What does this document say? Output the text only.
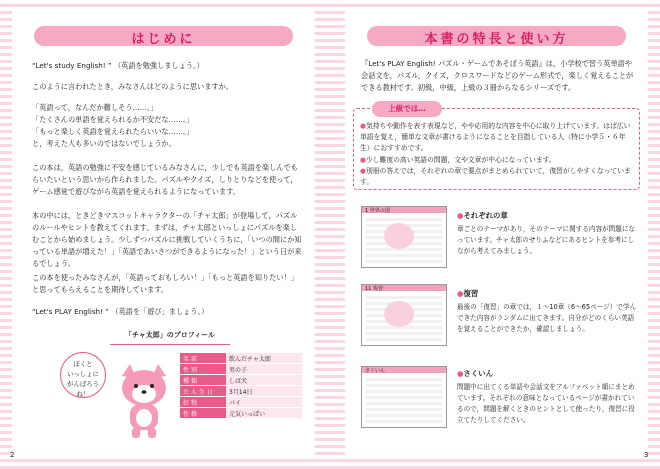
はじめに

“Let's study English! ” （英語を勉強しましょう。）

このように言われたとき，みなさんはどのように思いますか。

「英語って，なんだか難しそう……。」
「たくさんの単語を覚えられるか不安だな……。」
「もっと楽しく英語を覚えられたらいいな……。」
と，考えた人も多いのではないでしょうか。

この本は，英語の勉強に不安を感じているみなさんに，少しでも英語を楽しんでもらいたいという思いから作られました。パズルやクイズ，しりとりなどを使って，ゲーム感覚で遊びながら英語を覚えられるようになっています。

本の中には，ときどきマスコットキャラクターの「チャ太郎」が登場して，パズルのルールやヒントを教えてくれます。まずは，チャ太郎といっしょにパズルを楽しむことから始めましょう。少しずつパズルに挑戦していくうちに，「いつの間にか知っている単語が増えた！」「英語であいさつができるようになった！」という日が来るでしょう。

この本を使ったみなさんが，「英語っておもしろい！」「もっと英語を知りたい！」と思ってもらえることを期待しています。

“Let's PLAY English! ” （英語を「遊び」ましょう。）

「チャ太郎」のプロフィール
ぼくと
いっしょに
がんばろうね！
名前	飲んだチャ太郎
性別	男の子
種類	しば犬
たん生日	3月14日
好物	パイ
性格	元気いっぱい
本書の特長と使い方

『Let's PLAY English! パズル・ゲームであそぼう英語』は，小学校で習う英単語や会話文を，パズル，クイズ，クロスワードなどのゲーム形式で，楽しく覚えることができる教材です。初級，中級，上級の３冊からなるシリーズです。

上級では…
●気持ちや動作を表す表現など，やや応用的な内容を中心に取り上げています。はば広い単語を覚え，簡単な文章が書けるようになることを目指している人（特に小学５・６年生）におすすめです。
●少し難度の高い英語の問題，文や文章が中心になっています。
●別冊の答えでは，それぞれの章で要点がまとめられていて，復習がしやすくなっています。
1 世界の国	●それぞれの章
章ごとのテーマがあり，そのテーマに関する内容が問題になっています。チャ太郎のせりふなどにあるヒントを参考にしながら考えてみましょう。
11 復習	●復習
最後の「復習」の章では，１～10章（6～65ページ）で学んできた内容がランダムに出てきます。自分がどのくらい英語を覚えることができたか，確認しましょう。
さくいん	●さくいん
問題中に出てくる単語や会話文をアルファベット順にまとめています。それぞれの意味となっているページが書かれているので，問題を解くときのヒントとして使ったり，復習に役立てたりしてください。
2	3
